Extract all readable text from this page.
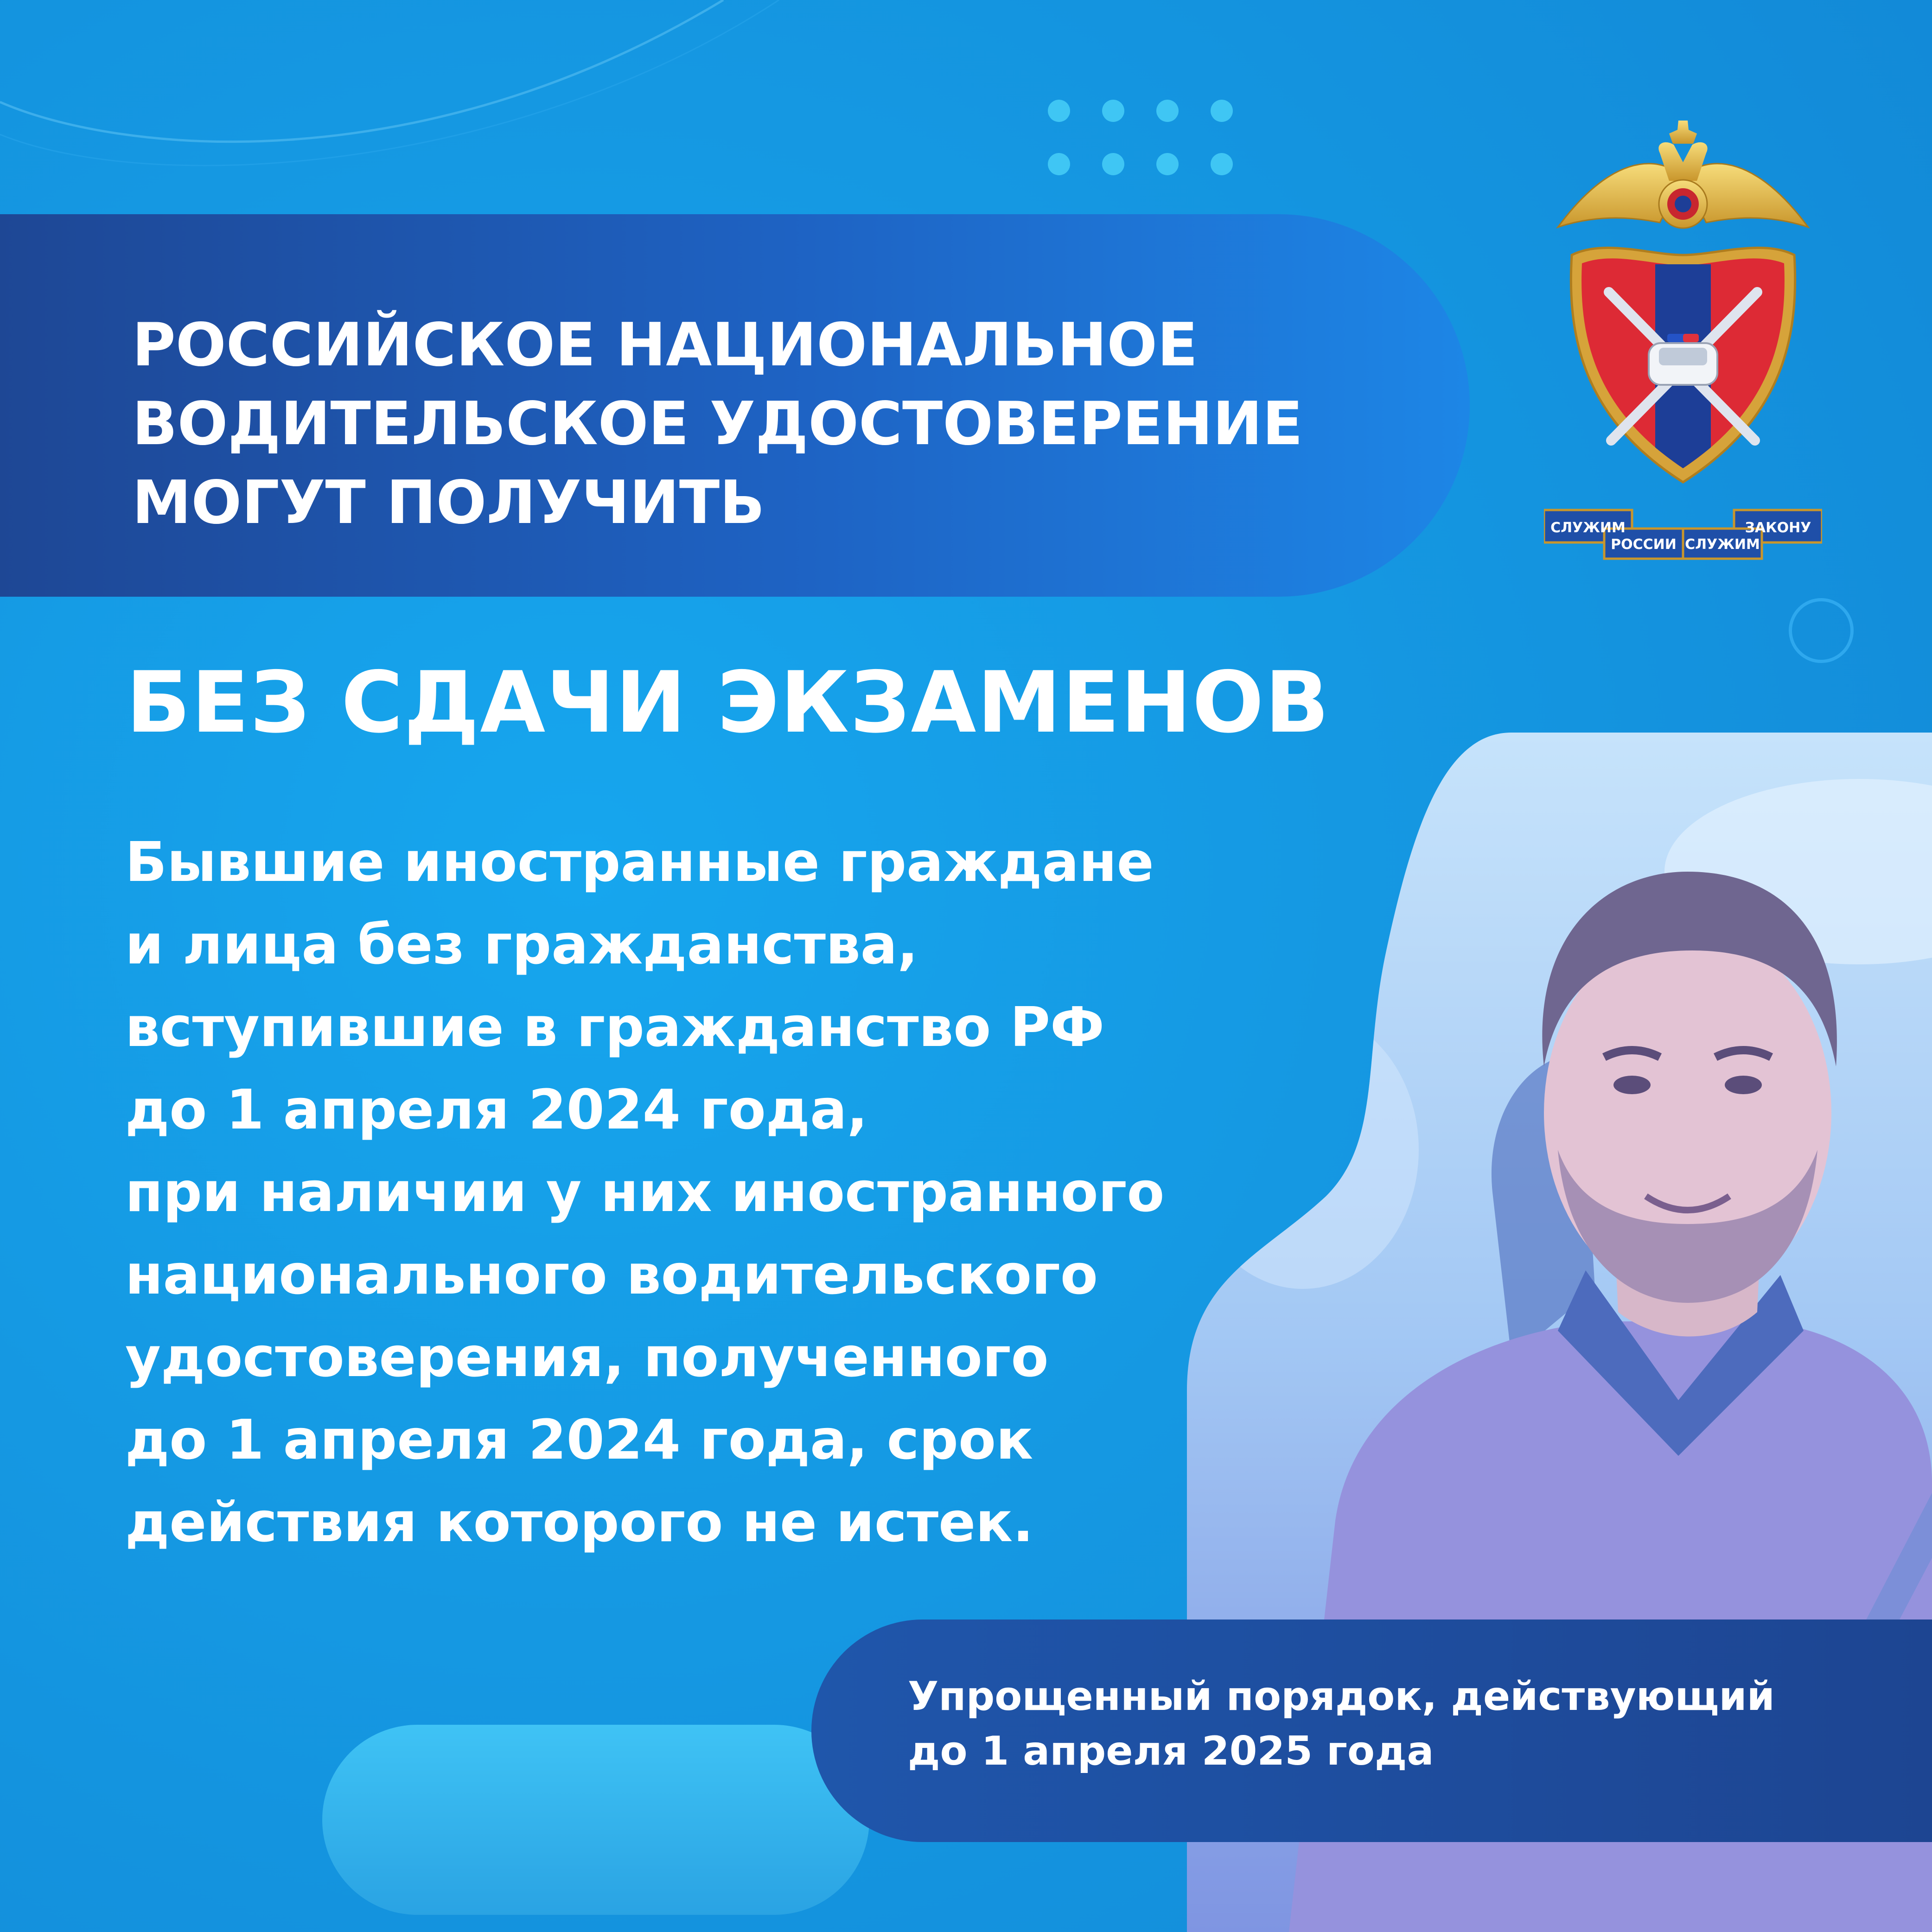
РОССИЙСКОЕ НАЦИОНАЛЬНОЕ
ВОДИТЕЛЬСКОЕ УДОСТОВЕРЕНИЕ
МОГУТ ПОЛУЧИТЬ
БЕЗ СДАЧИ ЭКЗАМЕНОВ

Бывшие иностранные граждане
и лица без гражданства,
вступившие в гражданство РФ
до 1 апреля 2024 года,
при наличии у них иностранного
национального водительского
удостоверения, полученного
до 1 апреля 2024 года, срок
действия которого не истек.

Упрощенный порядок, действующий
до 1 апреля 2025 года

СЛУЖИМ
РОССИИ СЛУЖИМ
ЗАКОНУ
